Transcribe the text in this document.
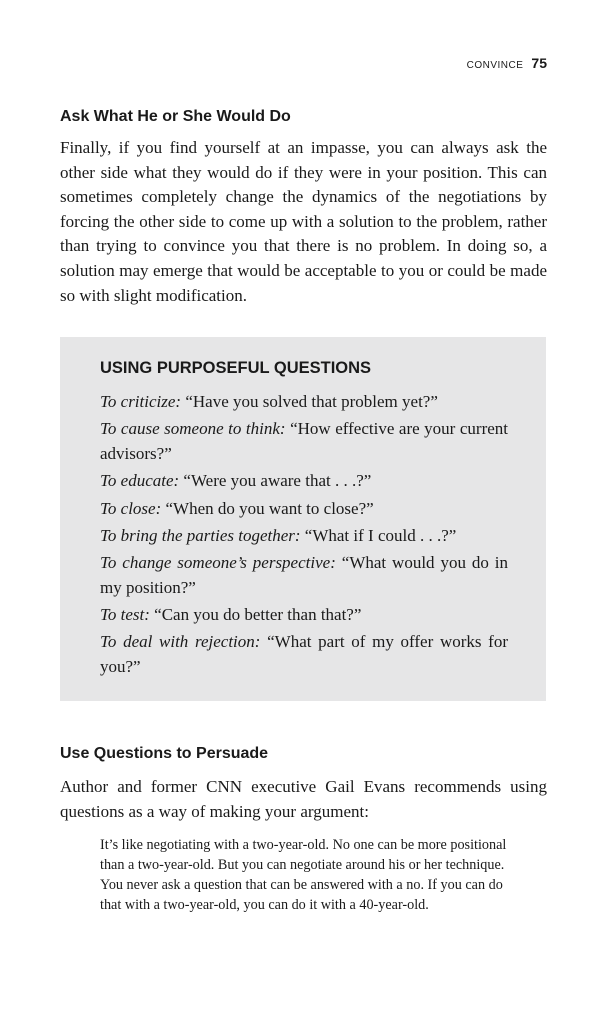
CONVINCE 75
Ask What He or She Would Do

Finally, if you find yourself at an impasse, you can always ask the other side what they would do if they were in your position. This can sometimes completely change the dynamics of the negotiations by forcing the other side to come up with a solution to the problem, rather than trying to convince you that there is no problem. In doing so, a solution may emerge that would be acceptable to you or could be made so with slight modification.

USING PURPOSEFUL QUESTIONS
To criticize: “Have you solved that problem yet?”
To cause someone to think: “How effective are your current advisors?”
To educate: “Were you aware that . . .?”
To close: “When do you want to close?”
To bring the parties together: “What if I could . . .?”
To change someone’s perspective: “What would you do in my position?”
To test: “Can you do better than that?”
To deal with rejection: “What part of my offer works for you?”
Use Questions to Persuade

Author and former CNN executive Gail Evans recommends using questions as a way of making your argument:

It’s like negotiating with a two-year-old. No one can be more positional than a two-year-old. But you can negotiate around his or her technique. You never ask a question that can be answered with a no. If you can do that with a two-year-old, you can do it with a 40-year-old.
